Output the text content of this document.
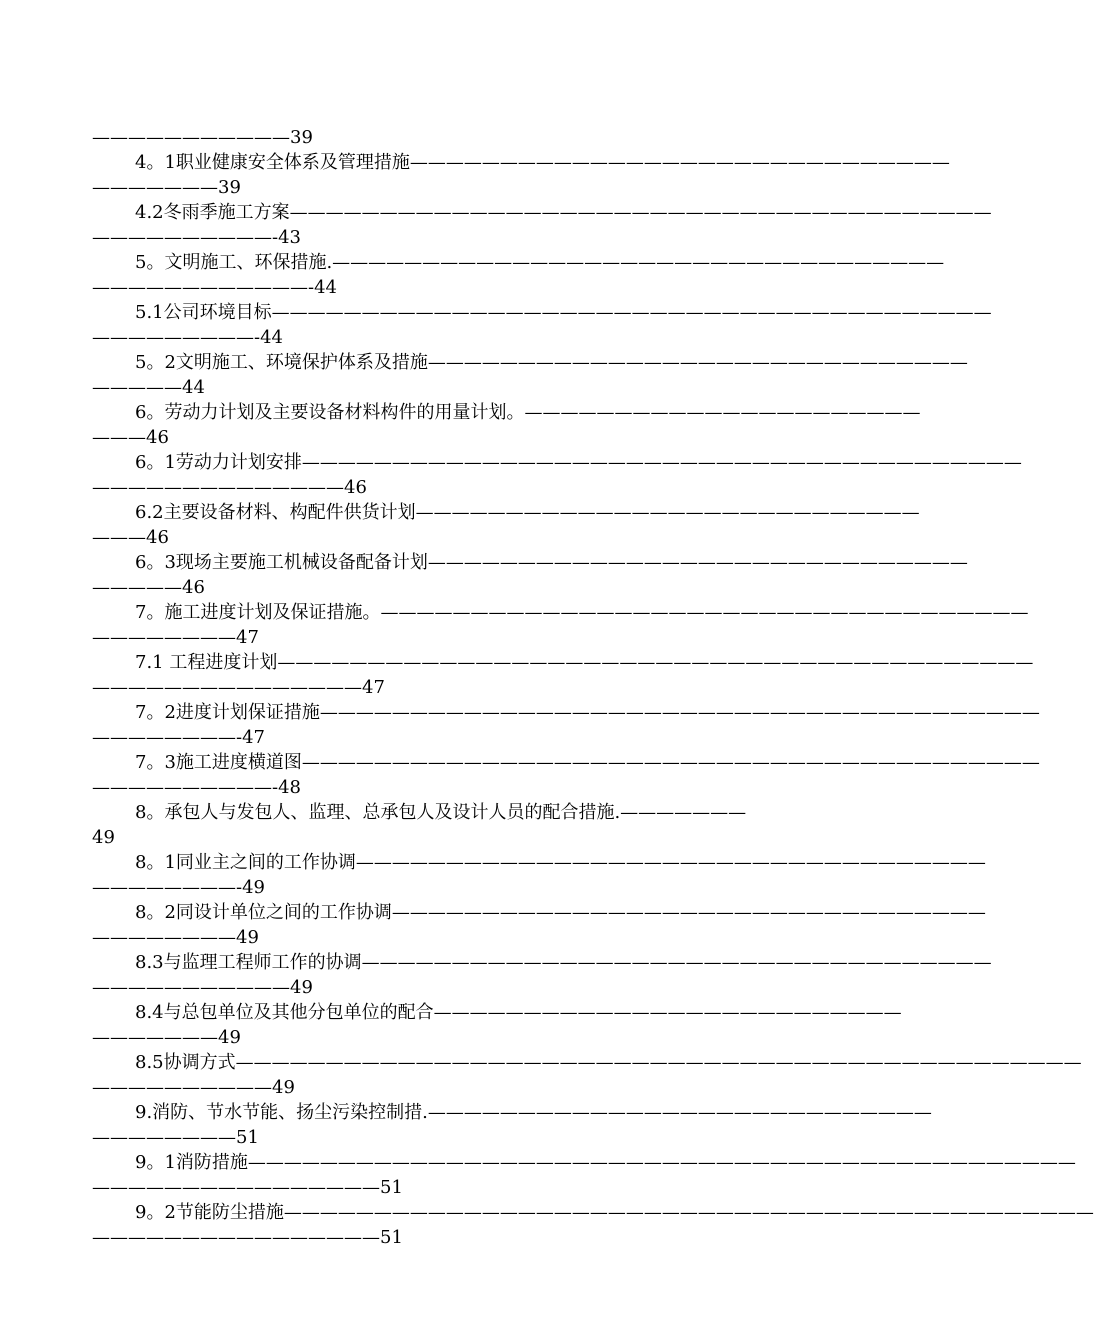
———————————39
4。1职业健康安全体系及管理措施——————————————————————————————
———————39
4.2冬雨季施工方案———————————————————————————————————————
——————————-43
5。文明施工、环保措施.——————————————————————————————————
————————————-44
5.1公司环境目标————————————————————————————————————————
—————————-44
5。2文明施工、环境保护体系及措施——————————————————————————————
—————44
6。劳动力计划及主要设备材料构件的用量计划。——————————————————————
———46
6。1劳动力计划安排————————————————————————————————————————
——————————————46
6.2主要设备材料、构配件供货计划————————————————————————————
———46
6。3现场主要施工机械设备配备计划——————————————————————————————
—————46
7。施工进度计划及保证措施。————————————————————————————————————
————————47
7.1 工程进度计划——————————————————————————————————————————
———————————————47
7。2进度计划保证措施————————————————————————————————————————
————————-47
7。3施工进度横道图—————————————————————————————————————————
——————————-48
8。承包人与发包人、监理、总承包人及设计人员的配合措施.———————
49
8。1同业主之间的工作协调———————————————————————————————————
————————-49
8。2同设计单位之间的工作协调—————————————————————————————————
————————49
8.3与监理工程师工作的协调———————————————————————————————————
———————————49
8.4与总包单位及其他分包单位的配合——————————————————————————
———————49
8.5协调方式———————————————————————————————————————————————
——————————49
9.消防、节水节能、扬尘污染控制措.————————————————————————————
————————51
9。1消防措施——————————————————————————————————————————————
————————————————51
9。2节能防尘措施—————————————————————————————————————————————
————————————————51
